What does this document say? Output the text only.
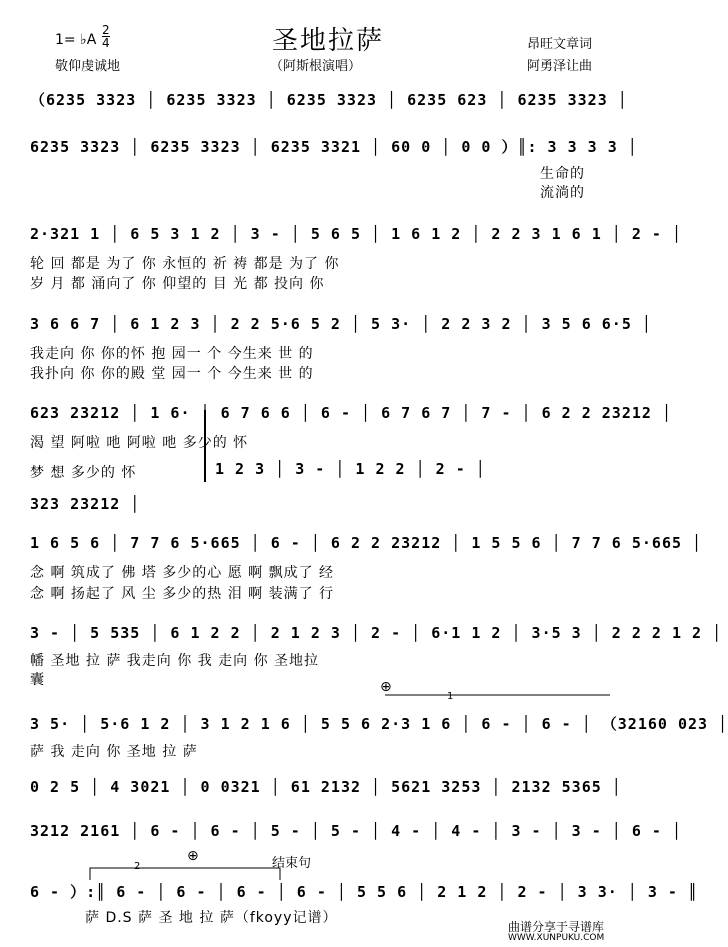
1= ♭A
2
4	圣地拉萨
（阿斯根演唱）
敬仰虔诚地
昂旺文章词
阿勇泽让曲
（6235 3323 │ 6235 3323 │ 6235 3323 │ 6235 623 │ 6235 3323 │
6235 3323 │ 6235 3323 │ 6235 3321 │ 60 0 │ 0 0 ）║: 3 3 3 3 │
生命的
流淌的
2·321 1 │ 6 5 3 1 2 │ 3 - │ 5 6 5 │ 1 6 1 2 │ 2 2 3 1 6 1 │ 2 - │
轮 回 都是 为了 你 永恒的 祈 祷 都是 为了 你
岁 月 都 涌向了 你 仰望的 目 光 都 投向 你
3 6 6 7 │ 6 1 2 3 │ 2 2 5·6 5 2 │ 5 3· │ 2 2 3 2 │ 3 5 6 6·5 │
我走向 你 你的怀 抱 园一 个 今生来 世 的
我扑向 你 你的殿 堂 园一 个 今生来 世 的
623 23212 │ 1 6· │ 6 7 6 6 │ 6 - │ 6 7 6 7 │ 7 - │ 6 2 2 23212 │
渴 望 阿啦 吔 阿啦 吔 多少的 怀
1 2 3 │ 3 - │ 1 2 2 │ 2 - │
梦 想 多少的 怀
323 23212 │
1 6 5 6 │ 7 7 6 5·665 │ 6 - │ 6 2 2 23212 │ 1 5 5 6 │ 7 7 6 5·665 │
念 啊 筑成了 佛 塔 多少的心 愿 啊 飘成了 经
念 啊 扬起了 风 尘 多少的热 泪 啊 装满了 行
3 - │ 5 535 │ 6 1 2 2 │ 2 1 2 3 │ 2 - │ 6·1 1 2 │ 3·5 3 │ 2 2 2 1 2 │
幡 圣地 拉 萨 我走向 你 我 走向 你 圣地拉
囊
3 5· │ 5·6 1 2 │ 3 1 2 1 6 │ 5 5 6 2·3 1 6 │ 6 - │ 6 - │ （32160 023 │
萨 我 走向 你 圣地 拉 萨
0 2 5 │ 4 3021 │ 0 0321 │ 61 2132 │ 5621 3253 │ 2132 5365 │
3212 2161 │ 6 - │ 6 - │ 5 - │ 5 - │ 4 - │ 4 - │ 3 - │ 3 - │ 6 - │
6 - ）:║ 6 - │ 6 - │ 6 - │ 6 - │ 5 5 6 │ 2 1 2 │ 2 - │ 3 3· │ 3 - ║
萨 D.S 萨 圣 地 拉 萨（fkoyy记谱）
1
2	结束句
⊕
⊕
曲谱分享于寻谱库
WWW.XUNPUKU.COM
